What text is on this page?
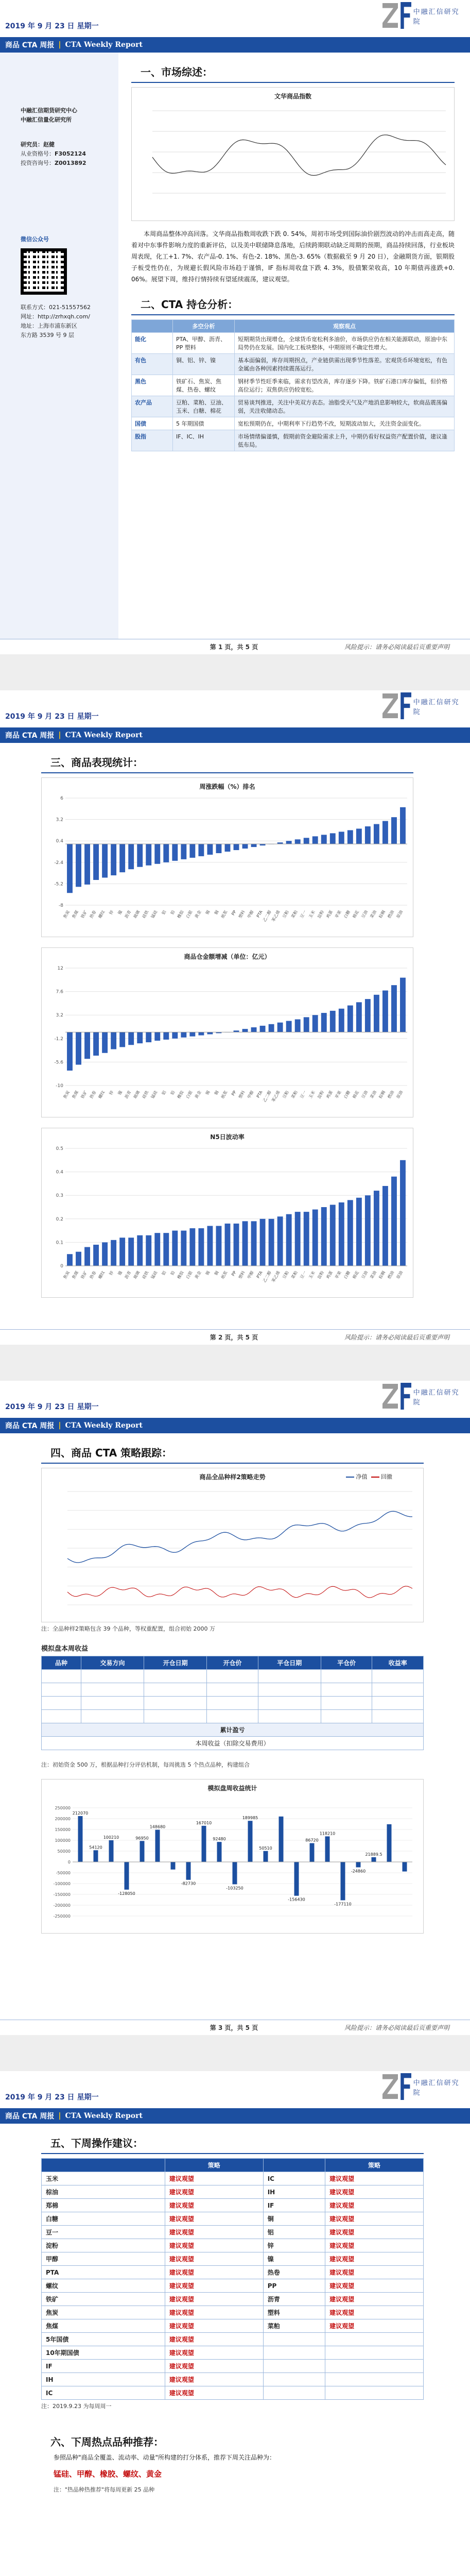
2019 年 9 月 23 日 星期一
中融汇信研究院
商品 CTA 周报 | CTA Weekly Report
中融汇信期货研究中心
中融汇信量化研究所
研究员：赵健
从业资格号：F3052124
投资咨询号：Z0013892
微信公众号
联系方式：021-51557562
网址：http://zrhxqh.com/
地址：上海市浦东新区
东方路 3539 号 9 层
一、市场综述：
文华商品指数

本周商品整体冲高回落。文华商品指数周收跌下跌 0. 54%，周初市场受到国际油价剧烈波动的冲击而高走高，随着对中东事件影响力度的重新评估，以及美中联储降息落地，后续跨期联动缺乏周期的预期，商品持续回落，行业板块周表现，化工+1. 7%、农产品-0. 1%、有色-2. 18%、黑色-3. 65%（数据截至 9 月 20 日），金融期货方面，银期股子板受性仍在，为规避长假风险市场趋于谨慎，IF 指标周收盘下跌 4. 3%，股债繁荣收高，10 年期债再涨跌+0. 06%。展望下周，维持行情持续有望延续震荡，建议观望。

二、CTA 持仓分析：
	多空分析	观察观点
能化	PTA、甲醇、沥青、PP 塑料	短期期货出现增仓，全球货币宽松利多油价，市场供应仍在相关能源联动，原油中东局势仍在发展。国内化工板块整体，中期原则不确定性增大。
有色	铜、铝、锌、镍	基本面偏弱，库存周期拐点，产业链供需出现季节性落差。宏观货币环境宽松，有色金属由各种因素持续震荡运行。
黑色	铁矿石、焦炭、焦煤、热卷、螺纹	钢材季节性旺季来临，需求有望改善，库存逐步下降。铁矿石港口库存偏低，但价格高位运行；双焦供应仍较宽松。
农产品	豆粕、菜粕、豆油、玉米、白糖、棉花	贸易谈判推进，关注中美双方表态。油脂受天气及产地消息影响较大，软商品震荡偏弱，关注收储动态。
国债	5 年期国债	宽松预期仍在，中期利率下行趋势不改，短期波动加大，关注资金面变化。
股指	IF、IC、IH	市场情绪偏谨慎，假期前资金避险需求上升，中期仍看好权益资产配置价值，建议逢低布局。
第 1 页，共 5 页	风险提示：请务必阅读最后页重要声明
2019 年 9 月 23 日 星期一
中融汇信研究院
商品 CTA 周报 | CTA Weekly Report
三、商品表现统计：
周涨跌幅（%）排名
-8
-5.2
-2.4
0.4
3.2
6
焦炭 焦煤 铁矿 热卷 螺纹 锌 镍 沥青 玻璃 硅铁 锰硅 铝 铅 橡胶 白银 黄金 锡 铜 纸浆 PP 塑料 甲醇 PTA
乙二醇
苯乙烯 豆粕 菜粕 豆一 玉米 淀粉 鸡蛋 苹果 白糖 棉花 豆油 菜油 棕榈 燃油 原油
商品仓金额增减（单位：亿元）
-10
-5.6
-1.2
3.2
7.6
12
焦炭 焦煤 铁矿 热卷 螺纹 锌 镍 沥青 玻璃 硅铁 锰硅 铝 铅 橡胶 白银 黄金 锡 铜 纸浆 PP 塑料 甲醇 PTA
乙二醇
苯乙烯 豆粕 菜粕 豆一 玉米 淀粉 鸡蛋 苹果 白糖 棉花 豆油 菜油 棕榈 燃油 原油
N5日波动率
0
0.1
0.2
0.3
0.4
0.5
焦炭 焦煤 铁矿 热卷 螺纹 锌 镍 沥青 玻璃 硅铁 锰硅 铝 铅 橡胶 白银 黄金 锡 铜 纸浆 PP 塑料 甲醇 PTA
乙二醇
苯乙烯 豆粕 菜粕 豆一 玉米 淀粉 鸡蛋 苹果 白糖 棉花 豆油 菜油 棕榈 燃油 原油
第 2 页，共 5 页	风险提示：请务必阅读最后页重要声明
2019 年 9 月 23 日 星期一
中融汇信研究院
商品 CTA 周报 | CTA Weekly Report
四、商品 CTA 策略跟踪：
商品全品种样2策略走势	净值 回撤
注：全品种样2策略包含 39 个品种，等权重配置，组合初始 2000 万
模拟盘本周收益
品种	交易方向	开仓日期	开仓价	平仓日期	平仓价	收益率

累计盈亏						
本周收益（扣除交易费用）						
注：初始资金 500 万，根据品种打分评估机制，每周挑选 5 个热点品种，构建组合
模拟盘周收益统计
-250000
-200000
-150000
-100000
-50000
0
50000
100000
150000
200000
250000
212070
54120
100210
-128050
96950
148680
-82730
167010
92480
-103250
189985
50510
-156430
86720
118210
-177110
-24860
21889.5
第 3 页，共 5 页	风险提示：请务必阅读最后页重要声明
2019 年 9 月 23 日 星期一
中融汇信研究院
商品 CTA 周报 | CTA Weekly Report
五、下周操作建议：
	策略		策略
玉米	建议观望	IC	建议观望
棕油	建议观望	IH	建议观望
郑棉	建议观望	IF	建议观望
白糖	建议观望	铜	建议观望
豆一	建议观望	铝	建议观望
淀粉	建议观望	锌	建议观望
甲醇	建议观望	镍	建议观望
PTA	建议观望	热卷	建议观望
螺纹	建议观望	PP	建议观望
铁矿	建议观望	沥青	建议观望
焦炭	建议观望	塑料	建议观望
焦煤	建议观望	菜粕	建议观望
5年国债	建议观望		
10年期国债	建议观望		
IF	建议观望		
IH	建议观望		
IC	建议观望		
注：2019.9.23 为每周周一
六、下周热点品种推荐：

参照品种"商品全覆盖、流动率、动量"所构建的打分体系，推荐下周关注品种为：

锰硅、甲醇、橡胶、螺纹、黄金

注："热品种热推荐"将每周更新 25 品种
